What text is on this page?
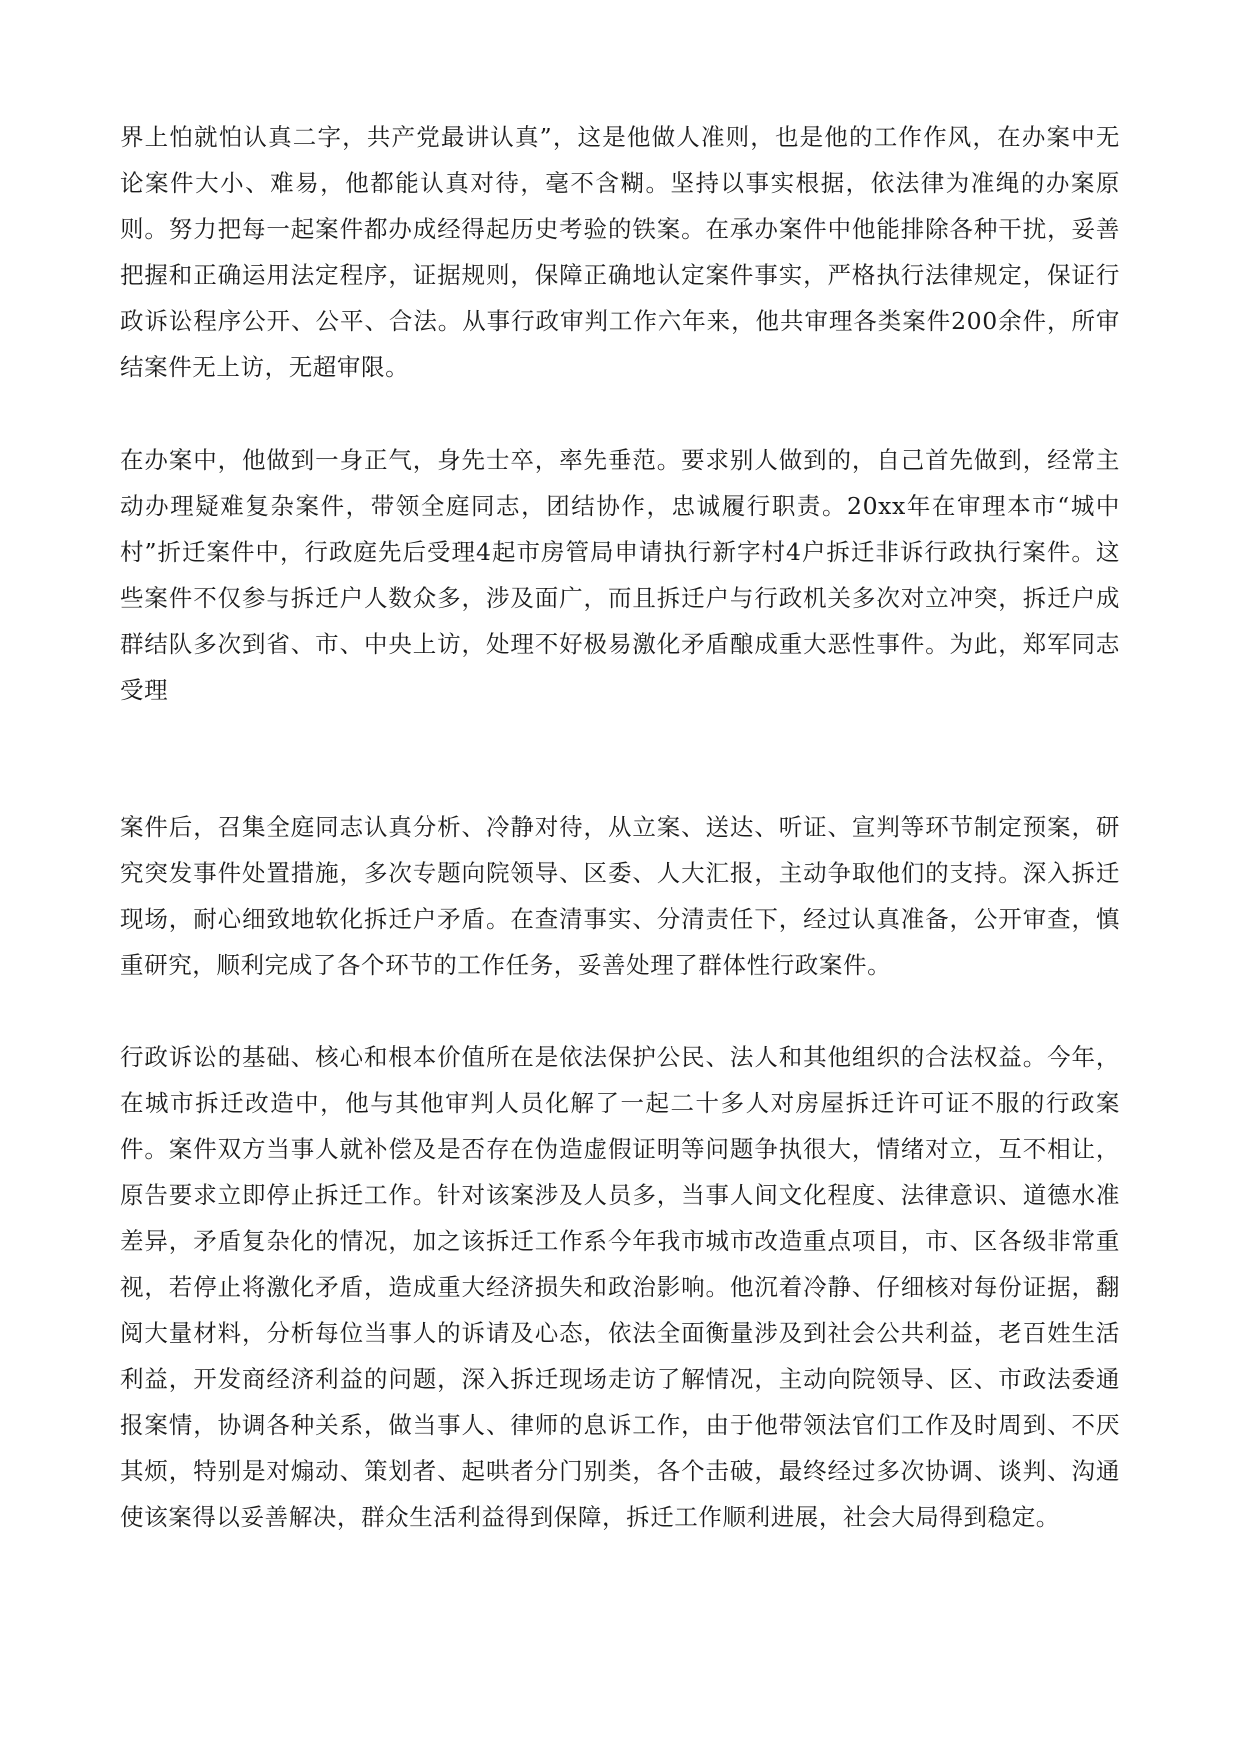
界上怕就怕认真二字，共产党最讲认真”，这是他做人准则，也是他的工作作风，在办案中无论案件大小、难易，他都能认真对待，毫不含糊。坚持以事实根据，依法律为准绳的办案原则。努力把每一起案件都办成经得起历史考验的铁案。在承办案件中他能排除各种干扰，妥善把握和正确运用法定程序，证据规则，保障正确地认定案件事实，严格执行法律规定，保证行政诉讼程序公开、公平、合法。从事行政审判工作六年来，他共审理各类案件200余件，所审结案件无上访，无超审限。

在办案中，他做到一身正气，身先士卒，率先垂范。要求别人做到的，自己首先做到，经常主动办理疑难复杂案件，带领全庭同志，团结协作，忠诚履行职责。20xx年在审理本市“城中村”折迁案件中，行政庭先后受理4起市房管局申请执行新字村4户拆迁非诉行政执行案件。这些案件不仅参与拆迁户人数众多，涉及面广，而且拆迁户与行政机关多次对立冲突，拆迁户成群结队多次到省、市、中央上访，处理不好极易激化矛盾酿成重大恶性事件。为此，郑军同志受理

案件后，召集全庭同志认真分析、冷静对待，从立案、送达、听证、宣判等环节制定预案，研究突发事件处置措施，多次专题向院领导、区委、人大汇报，主动争取他们的支持。深入拆迁现场，耐心细致地软化拆迁户矛盾。在查清事实、分清责任下，经过认真准备，公开审查，慎重研究，顺利完成了各个环节的工作任务，妥善处理了群体性行政案件。

行政诉讼的基础、核心和根本价值所在是依法保护公民、法人和其他组织的合法权益。今年，在城市拆迁改造中，他与其他审判人员化解了一起二十多人对房屋拆迁许可证不服的行政案件。案件双方当事人就补偿及是否存在伪造虚假证明等问题争执很大，情绪对立，互不相让，原告要求立即停止拆迁工作。针对该案涉及人员多，当事人间文化程度、法律意识、道德水准差异，矛盾复杂化的情况，加之该拆迁工作系今年我市城市改造重点项目，市、区各级非常重视，若停止将激化矛盾，造成重大经济损失和政治影响。他沉着冷静、仔细核对每份证据，翻阅大量材料，分析每位当事人的诉请及心态，依法全面衡量涉及到社会公共利益，老百姓生活利益，开发商经济利益的问题，深入拆迁现场走访了解情况，主动向院领导、区、市政法委通报案情，协调各种关系，做当事人、律师的息诉工作，由于他带领法官们工作及时周到、不厌其烦，特别是对煽动、策划者、起哄者分门别类，各个击破，最终经过多次协调、谈判、沟通使该案得以妥善解决，群众生活利益得到保障，拆迁工作顺利进展，社会大局得到稳定。
